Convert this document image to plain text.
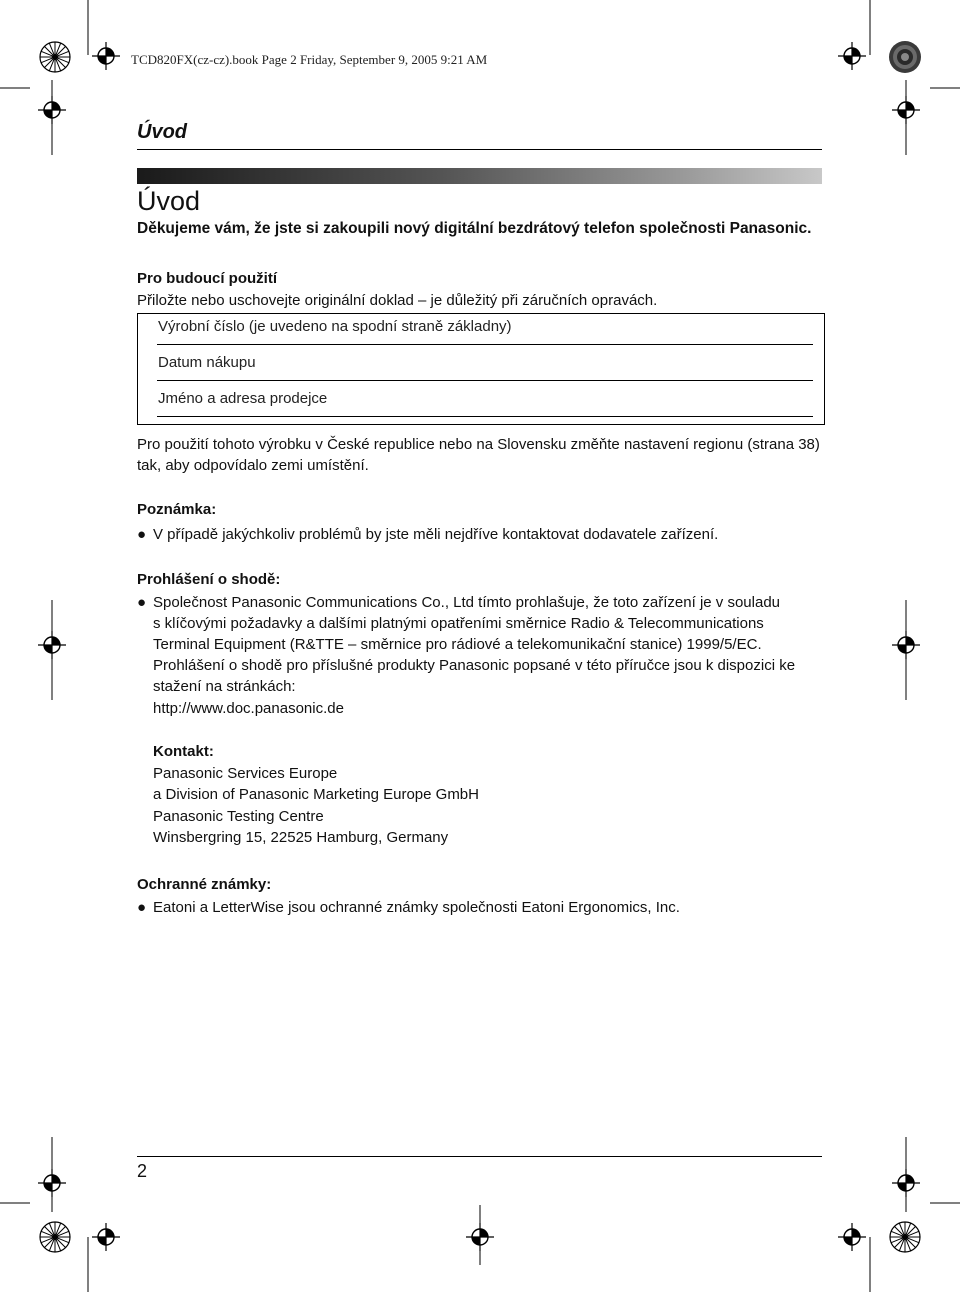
TCD820FX(cz-cz).book Page 2 Friday, September 9, 2005 9:21 AM
Úvod
Úvod
Děkujeme vám, že jste si zakoupili nový digitální bezdrátový telefon společnosti Panasonic.
Pro budoucí použití
Přiložte nebo uschovejte originální doklad – je důležitý při záručních opravách.
Výrobní číslo (je uvedeno na spodní straně základny)
Datum nákupu
Jméno a adresa prodejce
Pro použití tohoto výrobku v České republice nebo na Slovensku změňte nastavení regionu (strana 38)
tak, aby odpovídalo zemi umístění.
Poznámka:
● V případě jakýchkoliv problémů by jste měli nejdříve kontaktovat dodavatele zařízení.
Prohlášení o shodě:
● Společnost Panasonic Communications Co., Ltd tímto prohlašuje, že toto zařízení je v souladu
s klíčovými požadavky a dalšími platnými opatřeními směrnice Radio & Telecommunications
Terminal Equipment (R&TTE – směrnice pro rádiové a telekomunikační stanice) 1999/5/EC.
Prohlášení o shodě pro příslušné produkty Panasonic popsané v této příručce jsou k dispozici ke
stažení na stránkách:
http://www.doc.panasonic.de
Kontakt:
Panasonic Services Europe
a Division of Panasonic Marketing Europe GmbH
Panasonic Testing Centre
Winsbergring 15, 22525 Hamburg, Germany
Ochranné známky:
● Eatoni a LetterWise jsou ochranné známky společnosti Eatoni Ergonomics, Inc.
2
